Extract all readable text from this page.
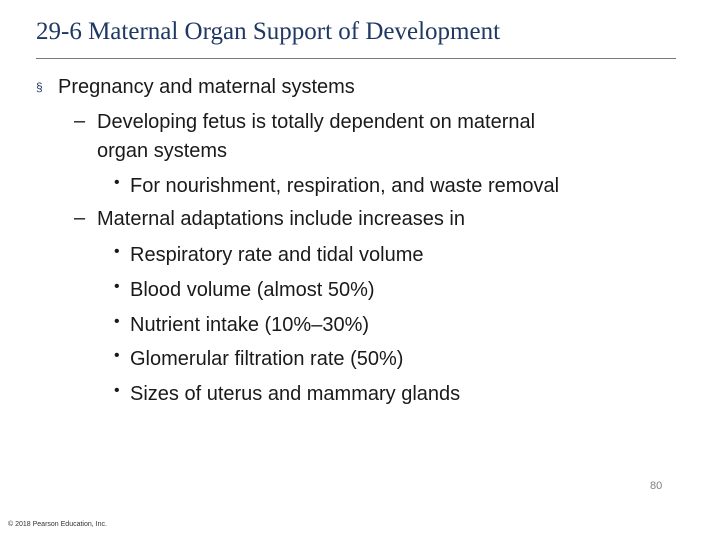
29-6 Maternal Organ Support of Development
§ Pregnancy and maternal systems
– Developing fetus is totally dependent on maternal
organ systems
• For nourishment, respiration, and waste removal
– Maternal adaptations include increases in
• Respiratory rate and tidal volume
• Blood volume (almost 50%)
• Nutrient intake (10%–30%)
• Glomerular filtration rate (50%)
• Sizes of uterus and mammary glands
80
© 2018 Pearson Education, Inc.
